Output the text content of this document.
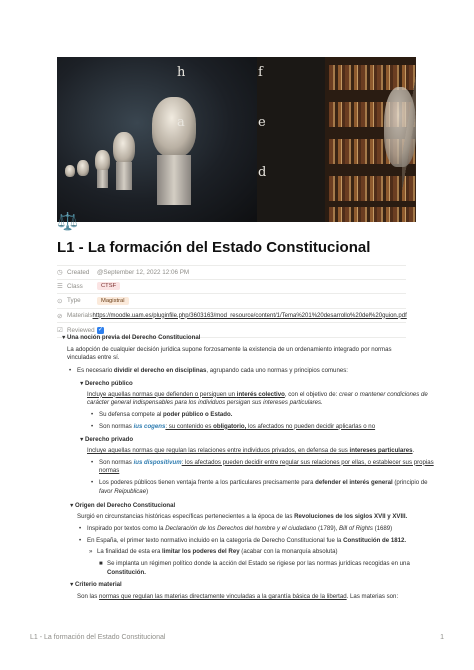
h	f
e
d
a
⚖️
L1 - La formación del Estado Constitucional
◷ Created @ September 12, 2022 12:06 PM
☰ Class	CTSF
⊙ Type	Magistral
⊘ Materials https://moodle.uam.es/pluginfile.php/3603163/mod_resource/content/1/Tema%201%20desarrollo%20del%20guion.pdf
☑ Reviewed ✓
▼Una noción previa del Derecho Constitucional
La adopción de cualquier decisión jurídica supone forzosamente la existencia de un ordenamiento integrado por normas
vinculadas entre sí.
• Es necesario dividir el derecho en disciplinas, agrupando cada uno normas y principios comunes:
▼Derecho público
Incluye aquellas normas que defienden o persiguen un interés colectivo, con el objetivo de: crear o mantener condiciones de
carácter general indispensables para los individuos persigan sus intereses particulares.
• Su defensa compete al poder público o Estado.
• Son normas ius cogens: su contenido es obligatorio, los afectados no pueden decidir aplicarlas o no
▼Derecho privado
Incluye aquellas normas que regulan las relaciones entre individuos privados, en defensa de sus intereses particulares.
• Son normas ius dispositivum: los afectados pueden decidir entre regular sus relaciones por ellas, o establecer sus propias
normas
• Los poderes públicos tienen ventaja frente a los particulares precisamente para defender el interés general (principio de
favor Reipublicae)
▼Origen del Derecho Constitucional
Surgió en circunstancias históricas específicas pertenecientes a la época de las Revoluciones de los siglos XVII y XVIII.
• Inspirado por textos como la Declaración de los Derechos del hombre y el ciudadano (1789), Bill of Rights (1689)
• En España, el primer texto normativo incluido en la categoría de Derecho Constitucional fue la Constitución de 1812.
» La finalidad de esta era limitar los poderes del Rey (acabar con la monarquía absoluta)
■ Se implanta un régimen político donde la acción del Estado se rigiese por las normas jurídicas recogidas en una
Constitución.
▼Criterio material
Son las normas que regulan las materias directamente vinculadas a la garantía básica de la libertad. Las materias son:
L1 - La formación del Estado Constitucional	1
